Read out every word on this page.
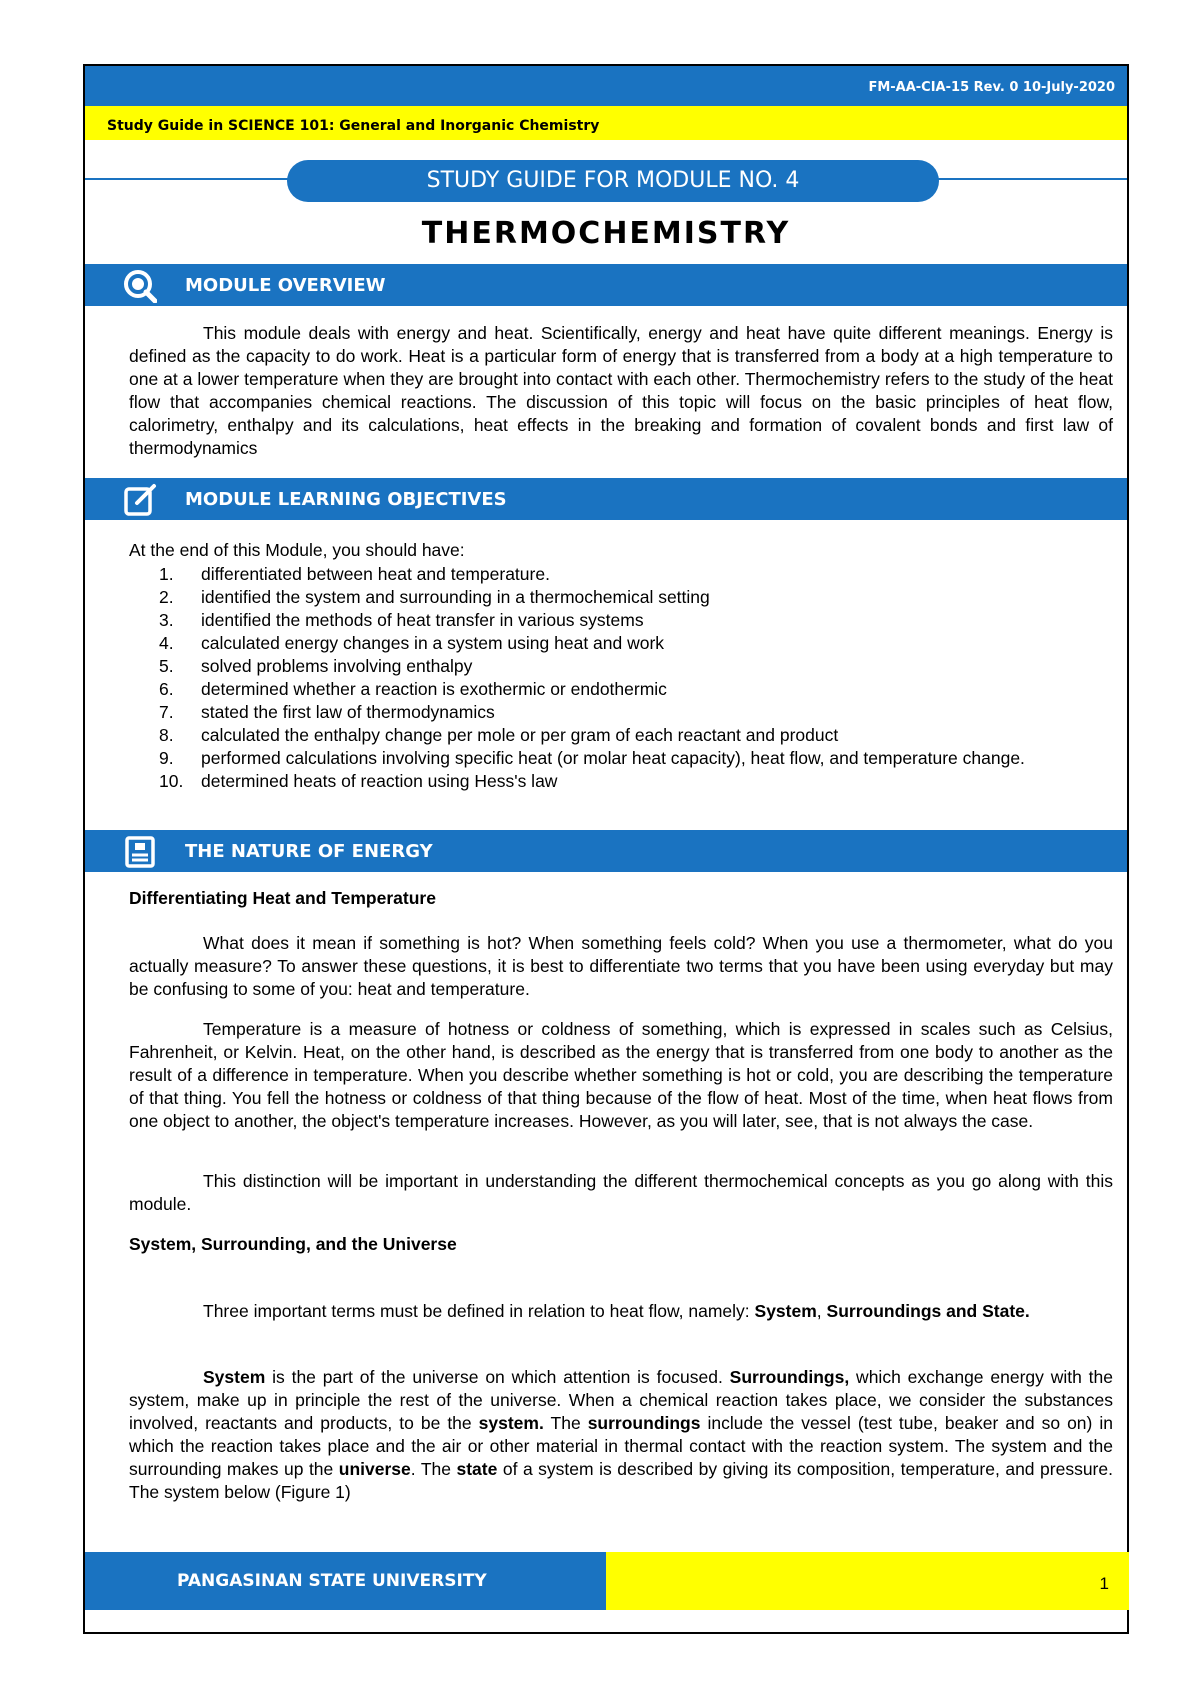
FM-AA-CIA-15 Rev. 0 10-July-2020
Study Guide in SCIENCE 101: General and Inorganic Chemistry
STUDY GUIDE FOR MODULE NO. 4
THERMOCHEMISTRY
MODULE OVERVIEW
This module deals with energy and heat. Scientifically, energy and heat have quite different meanings. Energy is defined as the capacity to do work. Heat is a particular form of energy that is transferred from a body at a high temperature to one at a lower temperature when they are brought into contact with each other. Thermochemistry refers to the study of the heat flow that accompanies chemical reactions. The discussion of this topic will focus on the basic principles of heat flow, calorimetry, enthalpy and its calculations, heat effects in the breaking and formation of covalent bonds and first law of thermodynamics
MODULE LEARNING OBJECTIVES
At the end of this Module, you should have:
1.	differentiated between heat and temperature.
2.	identified the system and surrounding in a thermochemical setting
3.	identified the methods of heat transfer in various systems
4.	calculated energy changes in a system using heat and work
5.	solved problems involving enthalpy
6.	determined whether a reaction is exothermic or endothermic
7.	stated the first law of thermodynamics
8.	calculated the enthalpy change per mole or per gram of each reactant and product
9.	performed calculations involving specific heat (or molar heat capacity), heat flow, and temperature change.
10.	determined heats of reaction using Hess's law
THE NATURE OF ENERGY
Differentiating Heat and Temperature
What does it mean if something is hot? When something feels cold? When you use a thermometer, what do you actually measure? To answer these questions, it is best to differentiate two terms that you have been using everyday but may be confusing to some of you: heat and temperature.
Temperature is a measure of hotness or coldness of something, which is expressed in scales such as Celsius, Fahrenheit, or Kelvin. Heat, on the other hand, is described as the energy that is transferred from one body to another as the result of a difference in temperature. When you describe whether something is hot or cold, you are describing the temperature of that thing. You fell the hotness or coldness of that thing because of the flow of heat. Most of the time, when heat flows from one object to another, the object's temperature increases. However, as you will later, see, that is not always the case.
This distinction will be important in understanding the different thermochemical concepts as you go along with this module.
System, Surrounding, and the Universe
Three important terms must be defined in relation to heat flow, namely: System, Surroundings and State.
System is the part of the universe on which attention is focused. Surroundings, which exchange energy with the system, make up in principle the rest of the universe. When a chemical reaction takes place, we consider the substances involved, reactants and products, to be the system. The surroundings include the vessel (test tube, beaker and so on) in which the reaction takes place and the air or other material in thermal contact with the reaction system. The system and the surrounding makes up the universe. The state of a system is described by giving its composition, temperature, and pressure. The system below (Figure 1)
PANGASINAN STATE UNIVERSITY	1
